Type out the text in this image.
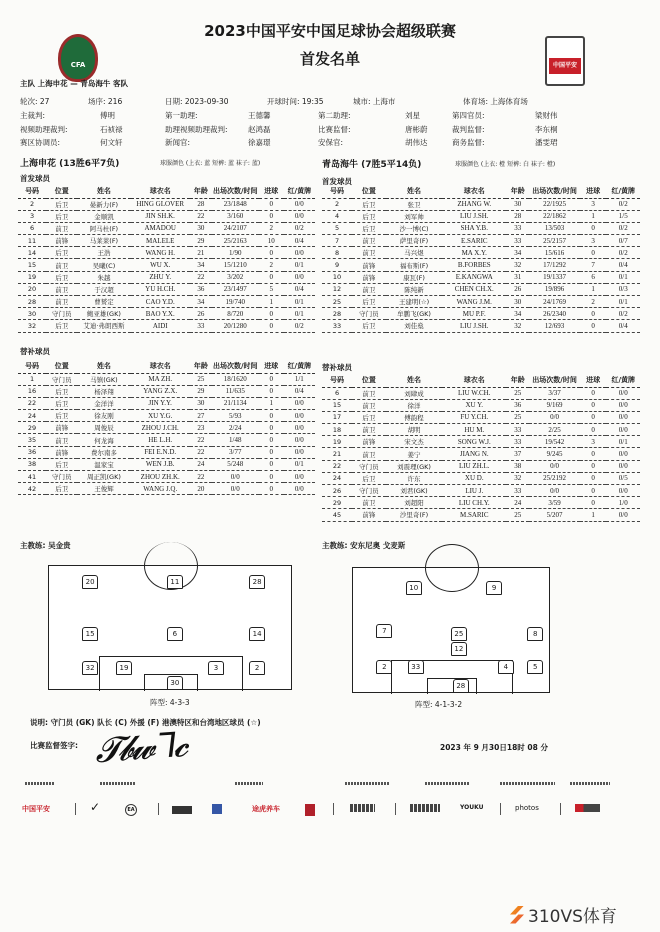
CFA
2023中国平安中国足球协会超级联赛
首发名单	中国平安
主队 上海申花 — 青岛海牛 客队
轮次: 27	场序: 216	日期: 2023-09-30	开球时间: 19:35	城市: 上海市	体育场: 上海体育场
主裁判:	傅明	第一助理:	王德馨	第二助理:	刘星	第四官员:	梁财伟
视频助理裁判:	石祯禄	助理视频助理裁判:	赵鸿磊	比赛监督:	唐彬蔚	裁判监督:	李东桐
赛区协调员:	何文轩	新闻官:	徐嘉璟	安保官:	胡伟达	商务监督:	潘雯珺
上海申花 (13胜6平7负)	球服颜色 (上衣: 蓝 短裤: 蓝 袜子: 蓝)	青岛海牛 (7胜5平14负)	球服颜色 (上衣: 橙 短裤: 白 袜子: 橙)
首发球员	首发球员
替补球员
替补球员
号码	位置	姓名	球衣名	年龄	出场次数/时间	进球	红/黄牌
2	后卫	晏新力(F)	HING GLOVER	28	23/1848	0	0/0
3	后卫	金顺凯	JIN SH.K.	22	3/160	0	0/0
6	前卫	阿马杜(F)	AMADOU	30	24/2107	2	0/2
11	前锋	马莱莱(F)	MALELE	29	25/2163	10	0/4
14	后卫	王浩	WANG H.	21	1/90	0	0/0
15	前卫	吴曦(C)	WU X.	34	15/1210	2	0/1
19	后卫	朱越	ZHU Y.	22	3/202	0	0/0
20	前卫	于汉超	YU H.CH.	36	23/1497	5	0/4
28	前卫	曹赟定	CAO Y.D.	34	19/740	1	0/1
30	守门员	鲍亚雄(GK)	BAO Y.X.	26	8/720	0	0/1
32	后卫	艾迪·弗朗西斯	AIDI	33	20/1280	0	0/2
号码	位置	姓名	球衣名	年龄	出场次数/时间	进球	红/黄牌
2	后卫	张卫	ZHANG W.	30	22/1925	3	0/2
4	后卫	刘军帅	LIU J.SH.	28	22/1862	1	1/5
5	后卫	沙一博(C)	SHA Y.B.	33	13/503	0	0/2
7	前卫	萨里奇(F)	E.SARIC	33	25/2157	3	0/7
8	前卫	马兴煜	MA X.Y.	34	15/616	0	0/2
9	前锋	福布斯(F)	B.FORBES	32	17/1292	7	0/4
10	前锋	康瓦(F)	E.KANGWA	31	19/1337	6	0/1
12	前卫	陈纯新	CHEN CH.X.	26	19/896	1	0/3
25	后卫	王建明(☆)	WANG J.M.	30	24/1769	2	0/1
28	守门员	牟鹏飞(GK)	MU P.F.	34	26/2340	0	0/2
33	后卫	刘佳燊	LIU J.SH.	32	12/693	0	0/4
号码	位置	姓名	球衣名	年龄	出场次数/时间	进球	红/黄牌
1	守门员	马镇(GK)	MA ZH.	25	18/1620	0	1/1
16	后卫	杨泽翔	YANG Z.X.	29	11/635	0	0/4
22	后卫	金洋洋	JIN Y.Y.	30	21/1134	1	0/0
24	后卫	徐友刚	XU Y.G.	27	5/93	0	0/0
29	前锋	周俊辰	ZHOU J.CH.	23	2/24	0	0/0
35	前卫	何龙海	HE L.H.	22	1/48	0	0/0
36	前锋	费尔南多	FEI E.N.D.	22	3/77	0	0/0
38	后卫	温家宝	WEN J.B.	24	5/248	0	0/1
41	守门员	周正凯(GK)	ZHOU ZH.K.	22	0/0	0	0/0
42	后卫	王俊辉	WANG J.Q.	20	0/0	0	0/0
号码	位置	姓名	球衣名	年龄	出场次数/时间	进球	红/黄牌
6	前卫	刘肆成	LIU W.CH.	25	3/37	0	0/0
15	前卫	徐洋	XU Y.	36	9/169	0	0/0
17	后卫	傅韵程	FU Y.CH.	25	0/0	0	0/0
18	前卫	胡明	HU M.	33	2/25	0	0/0
19	前锋	宋文杰	SONG W.J.	33	19/542	3	0/1
21	前卫	姜宁	JIANG N.	37	9/245	0	0/0
22	守门员	刘震理(GK)	LIU ZH.L.	38	0/0	0	0/0
24	后卫	许东	XU D.	32	25/2192	0	0/5
26	守门员	刘君(GK)	LIU J.	33	0/0	0	0/0
29	前卫	刘超阳	LIU CH.Y.	24	3/59	0	1/0
45	前锋	沙里奇(F)	M.SARIC	25	5/207	1	0/0
主教练: 吴金贵	主教练: 安东尼奥 戈麦斯
20	11	28
15	6	14
32	19	3	2
30
10	9
7	25	8
12
2	33	4	5
28
阵型: 4-3-3	阵型: 4-1-3-2
说明: 守门员 (GK) 队长 (C) 外援 (F) 港澳特区和台湾地区球员 (☆)
比赛监督签字: 𝓣𝓫𝔀 ⅂𝓬	2023 年 9 月30日18时 08 分
中国平安	✓	EA	途虎养车	YOUKU	photos
310VS体育
